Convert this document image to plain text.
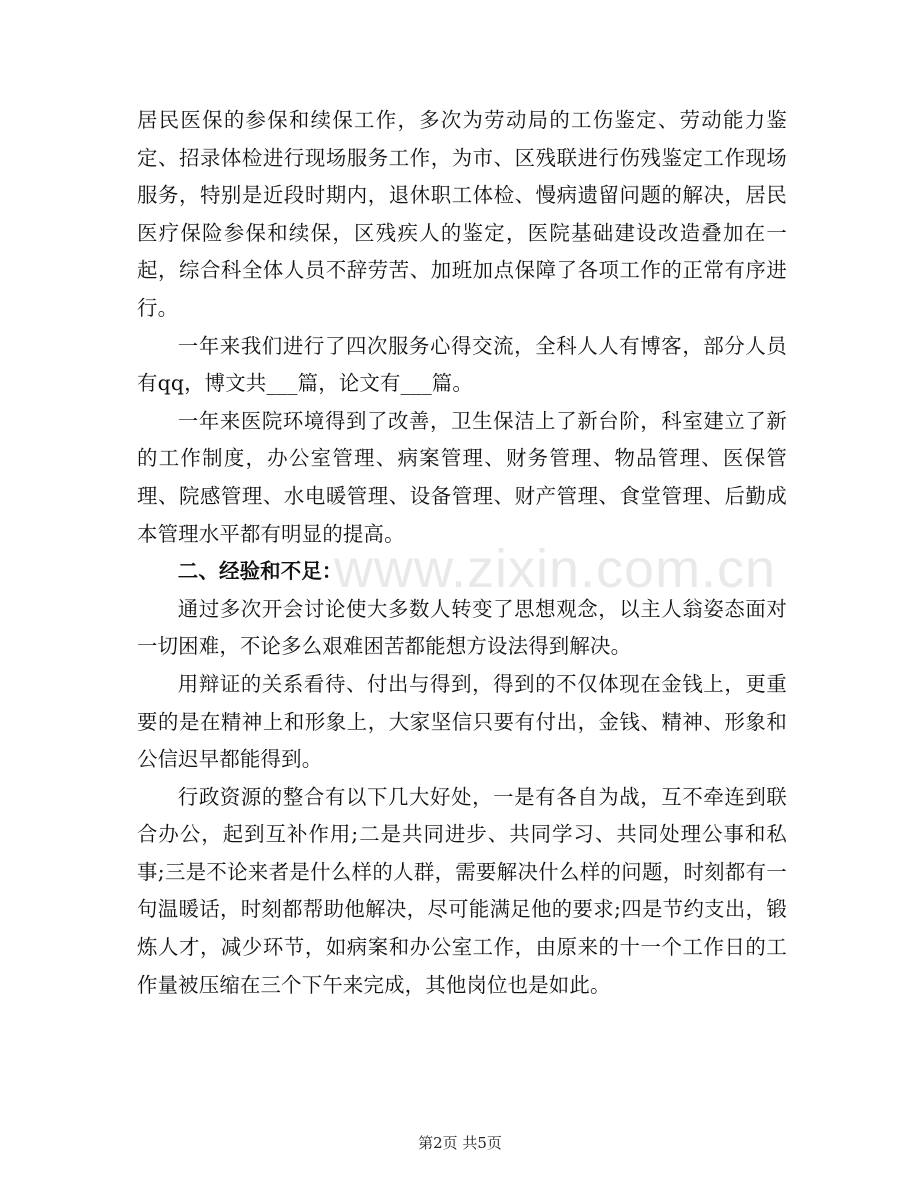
居民医保的参保和续保工作，多次为劳动局的工伤鉴定、劳动能力鉴定、招录体检进行现场服务工作，为市、区残联进行伤残鉴定工作现场服务，特别是近段时期内，退休职工体检、慢病遗留问题的解决，居民医疗保险参保和续保，区残疾人的鉴定，医院基础建设改造叠加在一起，综合科全体人员不辞劳苦、加班加点保障了各项工作的正常有序进行。

一年来我们进行了四次服务心得交流，全科人人有博客，部分人员有qq，博文共___篇，论文有___篇。

一年来医院环境得到了改善，卫生保洁上了新台阶，科室建立了新的工作制度，办公室管理、病案管理、财务管理、物品管理、医保管理、院感管理、水电暖管理、设备管理、财产管理、食堂管理、后勤成本管理水平都有明显的提高。

二、经验和不足：

通过多次开会讨论使大多数人转变了思想观念，以主人翁姿态面对一切困难，不论多么艰难困苦都能想方设法得到解决。

用辩证的关系看待、付出与得到，得到的不仅体现在金钱上，更重要的是在精神上和形象上，大家坚信只要有付出，金钱、精神、形象和公信迟早都能得到。

行政资源的整合有以下几大好处，一是有各自为战，互不牵连到联合办公，起到互补作用;二是共同进步、共同学习、共同处理公事和私事;三是不论来者是什么样的人群，需要解决什么样的问题，时刻都有一句温暖话，时刻都帮助他解决，尽可能满足他的要求;四是节约支出，锻炼人才，减少环节，如病案和办公室工作，由原来的十一个工作日的工作量被压缩在三个下午来完成，其他岗位也是如此。

www.zixin.com.cn
第2页 共5页
